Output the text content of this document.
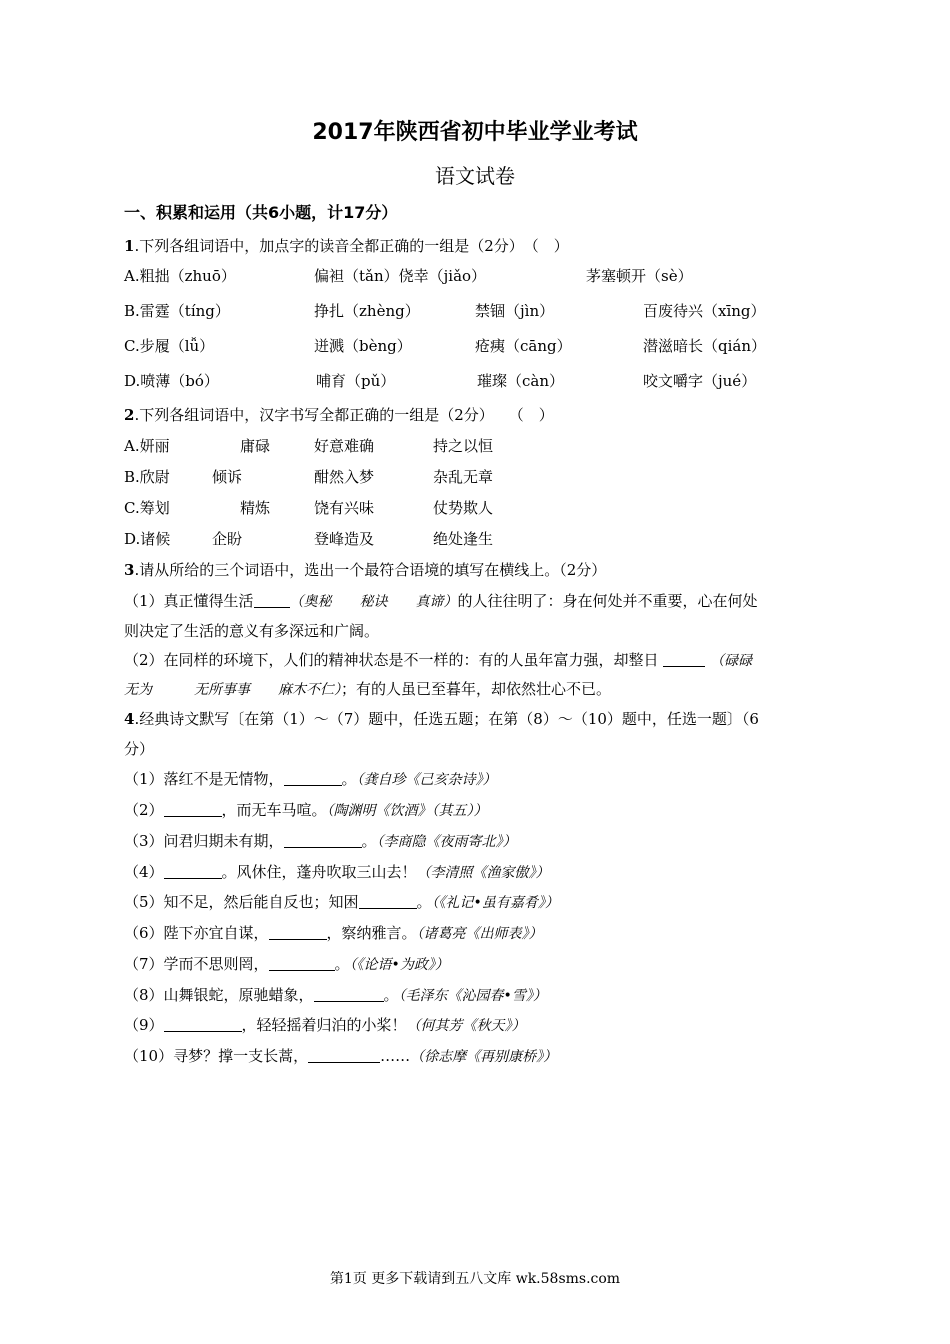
2017年陕西省初中毕业学业考试
语文试卷
一、积累和运用（共6小题，计17分）
1.下列各组词语中，加点字的读音全都正确的一组是（2分）　（　）
A.粗拙（zhuō）	偏袒（tǎn）侥幸（jiǎo）	茅塞顿开（sè）
B.雷霆（tíng）	挣扎（zhèng）	禁锢（jìn）	百废待兴（xīng）
C.步履（lǚ）	迸溅（bèng）	疮痍（cāng）	潜滋暗长（qián）
D.喷薄（bó）	哺育（pǔ）	璀璨（càn）	咬文嚼字（jué）
2.下列各组词语中，汉字书写全都正确的一组是（2分）　　（　）
A.妍丽	庸碌	好意难确	持之以恒
B.欣尉	倾诉	酣然入梦	杂乱无章
C.筹划	精炼	饶有兴味	仗势欺人
D.诸候	企盼	登峰造及	绝处逢生
3.请从所给的三个词语中，选出一个最符合语境的填写在横线上。（2分）
（1）真正懂得生活	（奥秘　　秘诀　　真谛）的人往往明了：身在何处并不重要，心在何处
则决定了生活的意义有多深远和广阔。
（2）在同样的环境下，人们的精神状态是不一样的：有的人虽年富力强，却整日	（碌碌
无为　　　无所事事　　麻木不仁）；有的人虽已至暮年，却依然壮心不已。
4.经典诗文默写〔在第（1）～（7）题中，任选五题；在第（8）～（10）题中，任选一题〕（6
分）
（1）落红不是无情物，	。（龚自珍《己亥杂诗》）
（2）	，而无车马喧。（陶渊明《饮酒》（其五））
（3）问君归期未有期，	。（李商隐《夜雨寄北》）
（4）	。风休住，蓬舟吹取三山去！（李清照《渔家傲》）
（5）知不足，然后能自反也；知困	。（《礼记•虽有嘉肴》）
（6）陛下亦宜自谋，	，察纳雅言。（诸葛亮《出师表》）
（7）学而不思则罔，	。（《论语•为政》）
（8）山舞银蛇，原驰蜡象，	。（毛泽东《沁园春•雪》）
（9）	，轻轻摇着归泊的小桨！（何其芳《秋天》）
（10）寻梦？撑一支长蒿，	……（徐志摩《再别康桥》）
第1页 更多下载请到五八文库 wk.58sms.com
